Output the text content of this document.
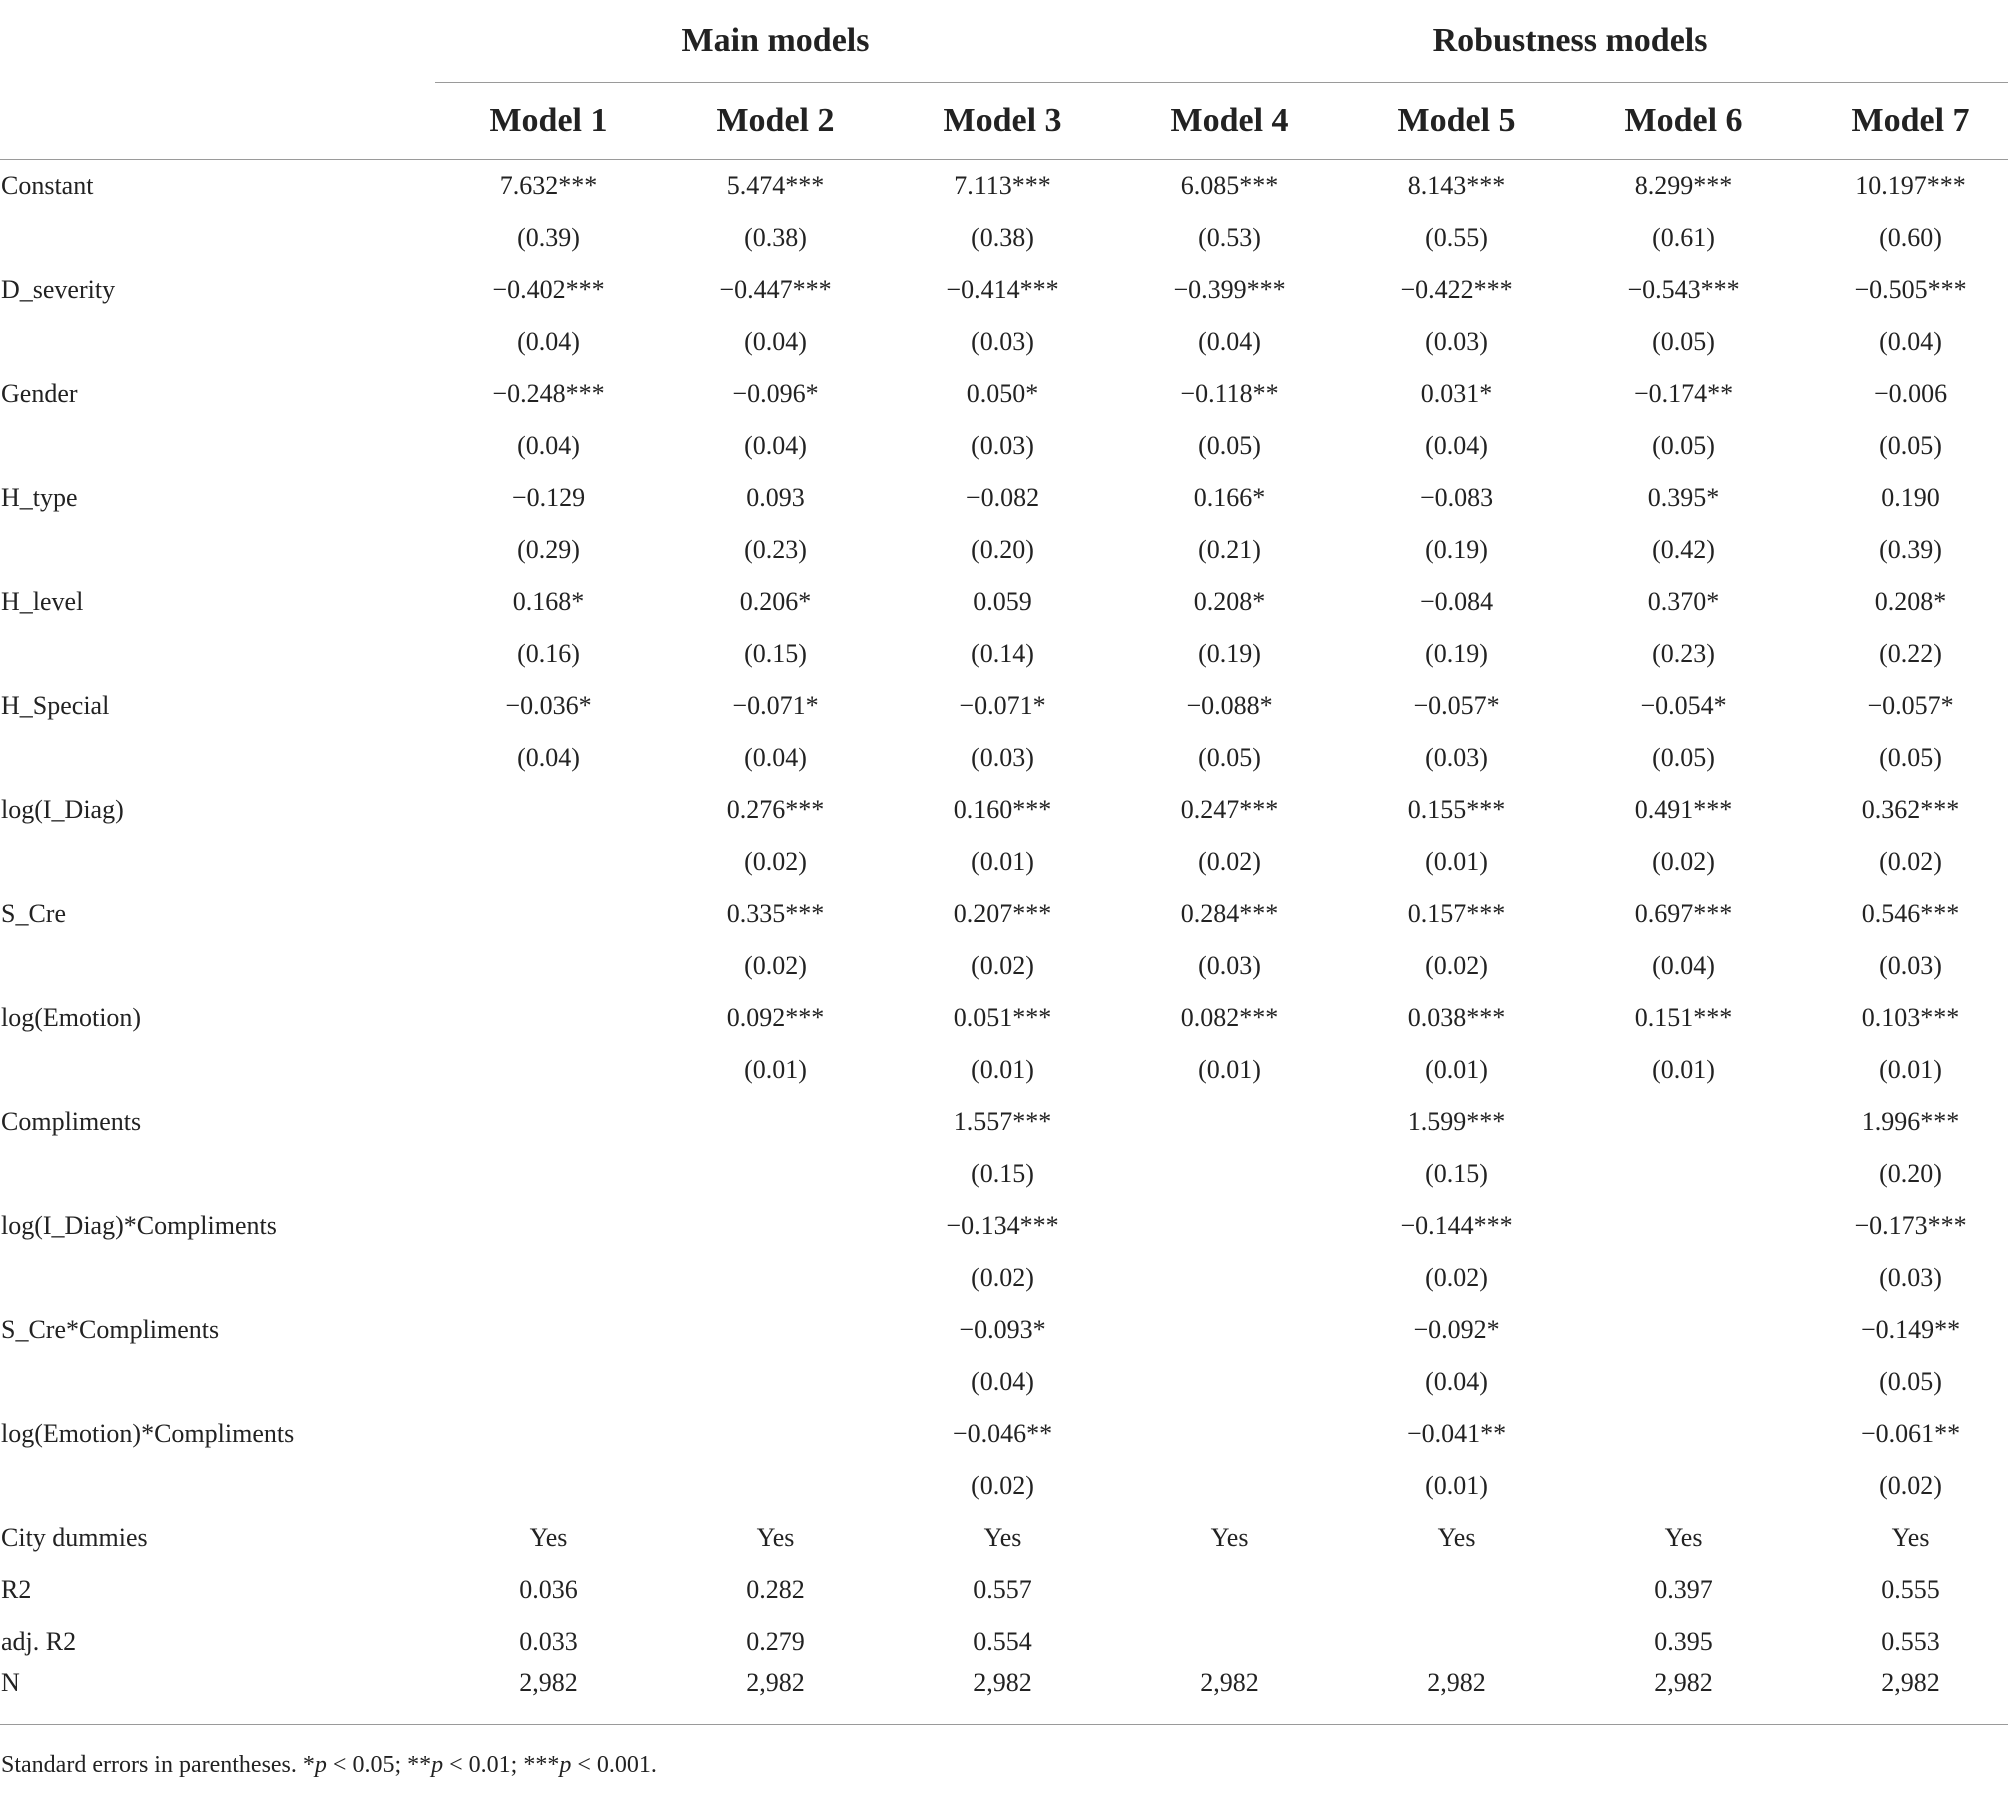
	Main models			Robustness models			
	Model 1	Model 2	Model 3	Model 4	Model 5	Model 6	Model 7
Constant	7.632***	5.474***	7.113***	6.085***	8.143***	8.299***	10.197***
	(0.39)	(0.38)	(0.38)	(0.53)	(0.55)	(0.61)	(0.60)
D_severity	−0.402***	−0.447***	−0.414***	−0.399***	−0.422***	−0.543***	−0.505***
	(0.04)	(0.04)	(0.03)	(0.04)	(0.03)	(0.05)	(0.04)
Gender	−0.248***	−0.096*	0.050*	−0.118**	0.031*	−0.174**	−0.006
	(0.04)	(0.04)	(0.03)	(0.05)	(0.04)	(0.05)	(0.05)
H_type	−0.129	0.093	−0.082	0.166*	−0.083	0.395*	0.190
	(0.29)	(0.23)	(0.20)	(0.21)	(0.19)	(0.42)	(0.39)
H_level	0.168*	0.206*	0.059	0.208*	−0.084	0.370*	0.208*
	(0.16)	(0.15)	(0.14)	(0.19)	(0.19)	(0.23)	(0.22)
H_Special	−0.036*	−0.071*	−0.071*	−0.088*	−0.057*	−0.054*	−0.057*
	(0.04)	(0.04)	(0.03)	(0.05)	(0.03)	(0.05)	(0.05)
log(I_Diag)		0.276***	0.160***	0.247***	0.155***	0.491***	0.362***
		(0.02)	(0.01)	(0.02)	(0.01)	(0.02)	(0.02)
S_Cre		0.335***	0.207***	0.284***	0.157***	0.697***	0.546***
		(0.02)	(0.02)	(0.03)	(0.02)	(0.04)	(0.03)
log(Emotion)		0.092***	0.051***	0.082***	0.038***	0.151***	0.103***
		(0.01)	(0.01)	(0.01)	(0.01)	(0.01)	(0.01)
Compliments			1.557***		1.599***		1.996***
			(0.15)		(0.15)		(0.20)
log(I_Diag)*Compliments			−0.134***		−0.144***		−0.173***
			(0.02)		(0.02)		(0.03)
S_Cre*Compliments			−0.093*		−0.092*		−0.149**
			(0.04)		(0.04)		(0.05)
log(Emotion)*Compliments			−0.046**		−0.041**		−0.061**
			(0.02)		(0.01)		(0.02)
City dummies	Yes	Yes	Yes	Yes	Yes	Yes	Yes
R2	0.036	0.282	0.557			0.397	0.555
adj. R2	0.033	0.279	0.554			0.395	0.553
N	2,982	2,982	2,982	2,982	2,982	2,982	2,982
Standard errors in parentheses. *p < 0.05; **p < 0.01; ***p < 0.001.
